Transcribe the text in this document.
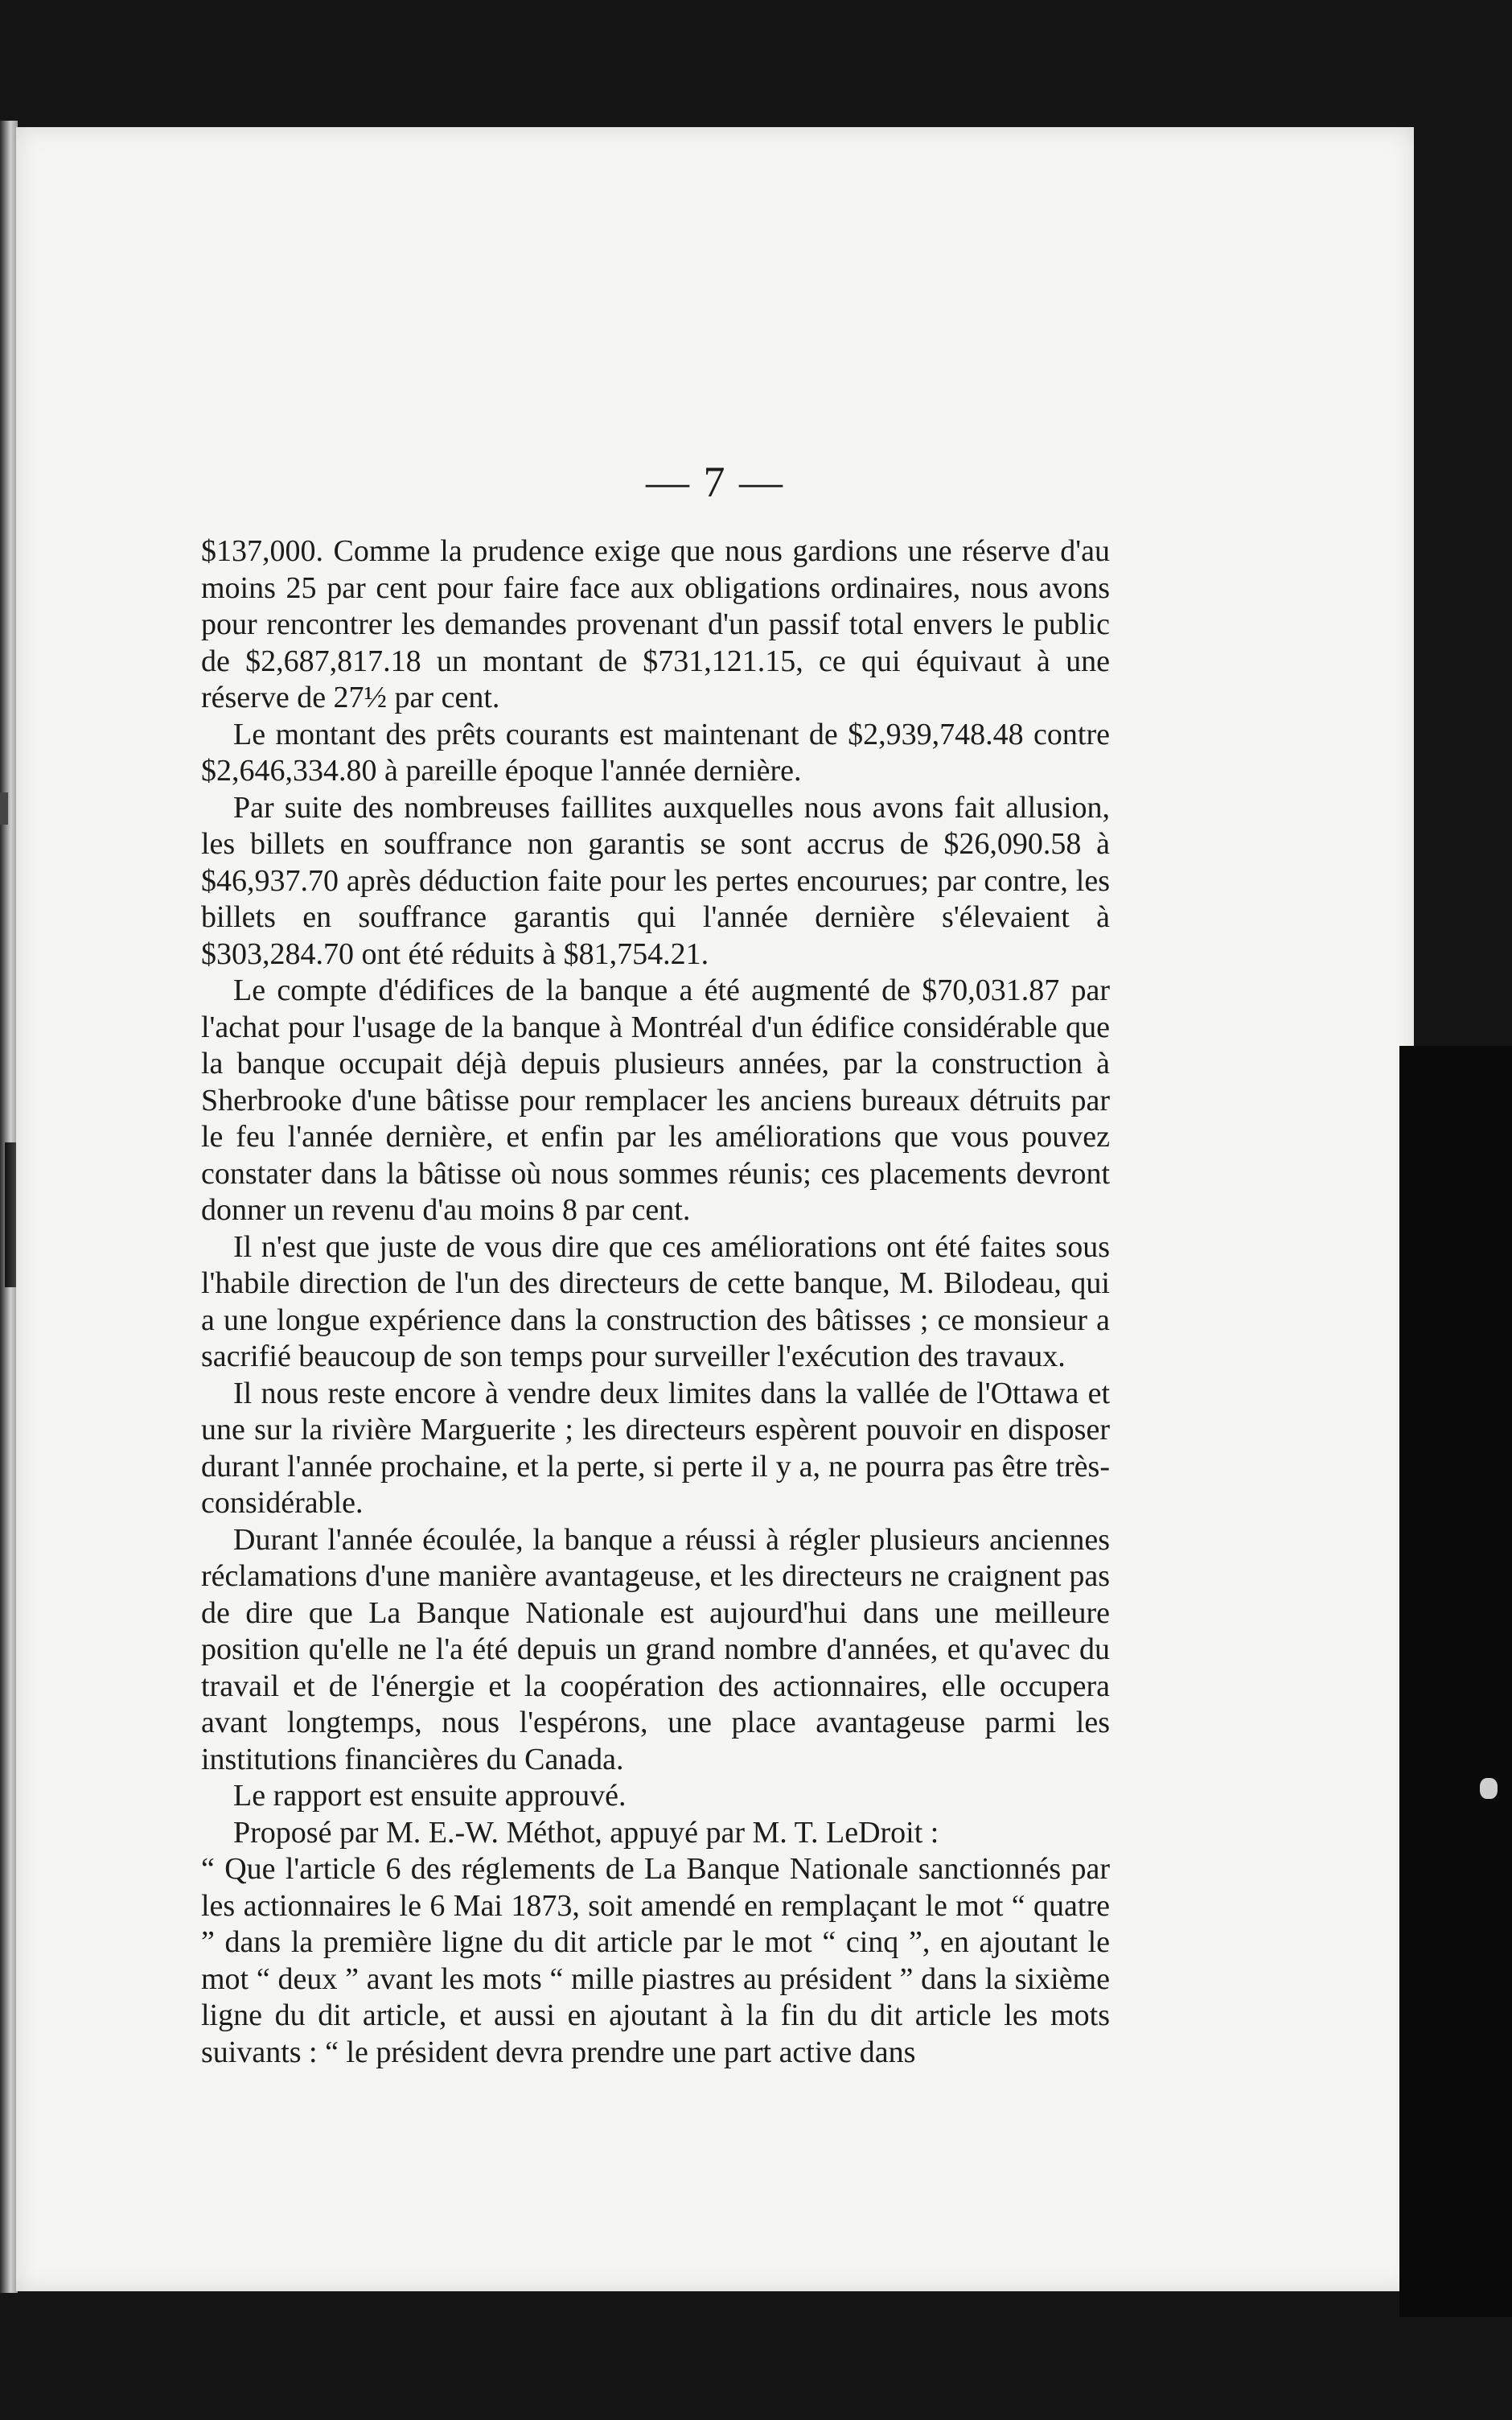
— 7 —

$137,000. Comme la prudence exige que nous gardions une réserve d'au moins 25 par cent pour faire face aux obligations ordinaires, nous avons pour rencontrer les demandes provenant d'un passif total envers le public de $2,687,817.18 un montant de $731,121.15, ce qui équivaut à une réserve de 27½ par cent.

Le montant des prêts courants est maintenant de $2,939,748.48 contre $2,646,334.80 à pareille époque l'année dernière.

Par suite des nombreuses faillites auxquelles nous avons fait allusion, les billets en souffrance non garantis se sont accrus de $26,090.58 à $46,937.70 après déduction faite pour les pertes encourues; par contre, les billets en souffrance garantis qui l'année dernière s'élevaient à $303,284.70 ont été réduits à $81,754.21.

Le compte d'édifices de la banque a été augmenté de $70,031.87 par l'achat pour l'usage de la banque à Montréal d'un édifice considérable que la banque occupait déjà depuis plusieurs années, par la construction à Sherbrooke d'une bâtisse pour remplacer les anciens bureaux détruits par le feu l'année dernière, et enfin par les améliorations que vous pouvez constater dans la bâtisse où nous sommes réunis; ces placements devront donner un revenu d'au moins 8 par cent.

Il n'est que juste de vous dire que ces améliorations ont été faites sous l'habile direction de l'un des directeurs de cette banque, M. Bilodeau, qui a une longue expérience dans la construction des bâtisses ; ce monsieur a sacrifié beaucoup de son temps pour surveiller l'exécution des travaux.

Il nous reste encore à vendre deux limites dans la vallée de l'Ottawa et une sur la rivière Marguerite ; les directeurs espèrent pouvoir en disposer durant l'année prochaine, et la perte, si perte il y a, ne pourra pas être très-considérable.

Durant l'année écoulée, la banque a réussi à régler plusieurs anciennes réclamations d'une manière avantageuse, et les directeurs ne craignent pas de dire que La Banque Nationale est aujourd'hui dans une meilleure position qu'elle ne l'a été depuis un grand nombre d'années, et qu'avec du travail et de l'énergie et la coopération des actionnaires, elle occupera avant longtemps, nous l'espérons, une place avantageuse parmi les institutions financières du Canada.

Le rapport est ensuite approuvé.

Proposé par M. E.-W. Méthot, appuyé par M. T. LeDroit :

“ Que l'article 6 des réglements de La Banque Nationale sanctionnés par les actionnaires le 6 Mai 1873, soit amendé en remplaçant le mot “ quatre ” dans la première ligne du dit article par le mot “ cinq ”, en ajoutant le mot “ deux ” avant les mots “ mille piastres au président ” dans la sixième ligne du dit article, et aussi en ajoutant à la fin du dit article les mots suivants : “ le président devra prendre une part active dans
